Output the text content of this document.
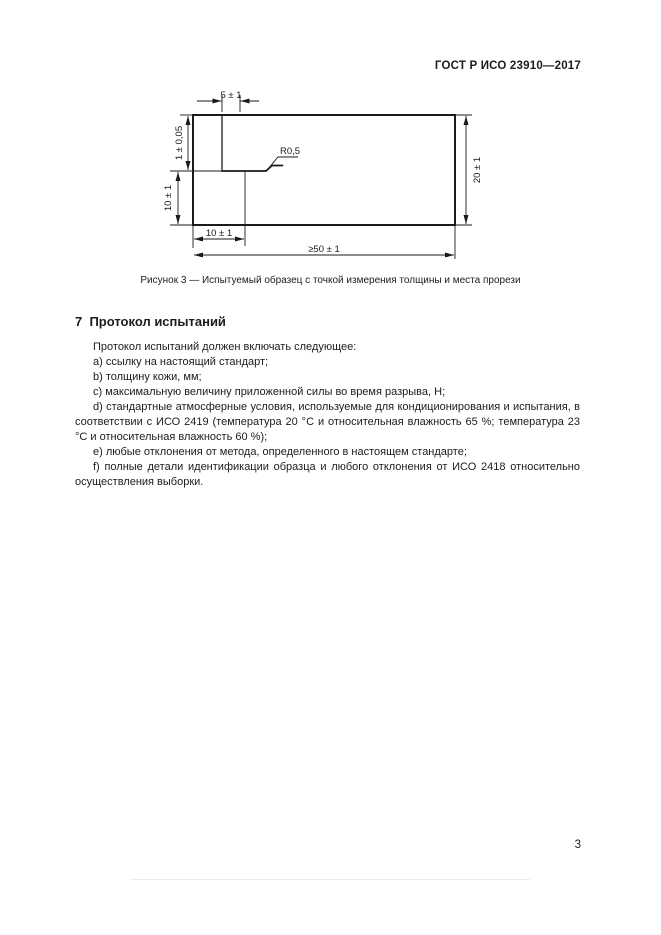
ГОСТ Р ИСО 23910—2017
5 ± 1
1 ± 0,05
10 ± 1
20 ± 1
10 ± 1
≥50 ± 1
R0,5
Рисунок 3 — Испытуемый образец с точкой измерения толщины и места прорези
7  Протокол испытаний

Протокол испытаний должен включать следующее:

a) ссылку на настоящий стандарт;

b) толщину кожи, мм;

c) максимальную величину приложенной силы во время разрыва, Н;

d) стандартные атмосферные условия, используемые для кондиционирования и испытания, в соответствии с ИСО 2419 (температура 20 °С и относительная влажность 65 %; температура 23 °С и относительная влажность 60 %);

e) любые отклонения от метода, определенного в настоящем стандарте;

f) полные детали идентификации образца и любого отклонения от ИСО 2418 относительно осуществления выборки.

3
